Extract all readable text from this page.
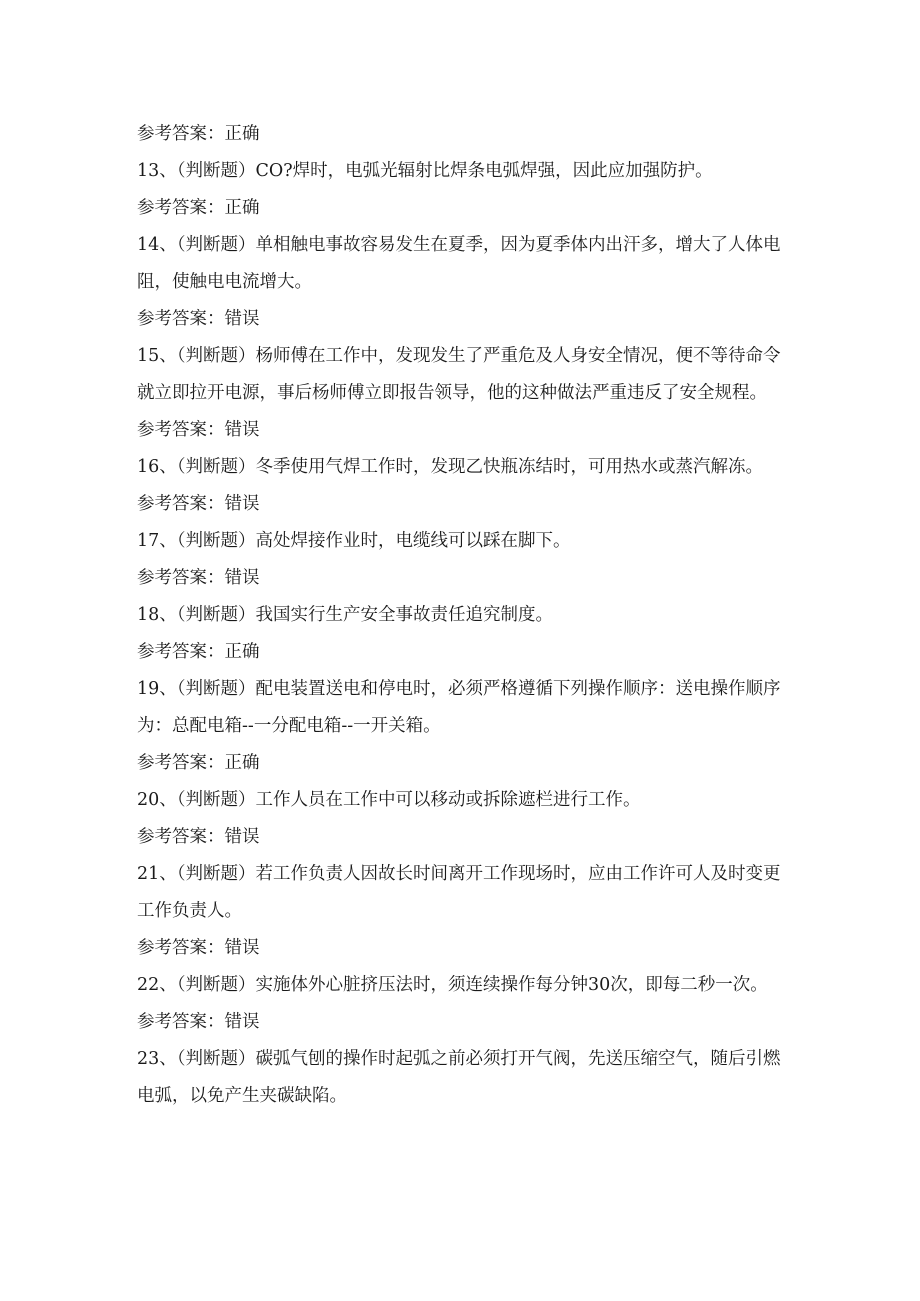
参考答案：正确
13、（判断题）CO?焊时，电弧光辐射比焊条电弧焊强，因此应加强防护。
参考答案：正确
14、（判断题）单相触电事故容易发生在夏季，因为夏季体内出汗多，增大了人体电阻，使触电电流增大。
参考答案：错误
15、（判断题）杨师傅在工作中，发现发生了严重危及人身安全情况，便不等待命令就立即拉开电源，事后杨师傅立即报告领导，他的这种做法严重违反了安全规程。
参考答案：错误
16、（判断题）冬季使用气焊工作时，发现乙快瓶冻结时，可用热水或蒸汽解冻。
参考答案：错误
17、（判断题）高处焊接作业时，电缆线可以踩在脚下。
参考答案：错误
18、（判断题）我国实行生产安全事故责任追究制度。
参考答案：正确
19、（判断题）配电装置送电和停电时，必须严格遵循下列操作顺序：送电操作顺序为：总配电箱--一分配电箱--一开关箱。
参考答案：正确
20、（判断题）工作人员在工作中可以移动或拆除遮栏进行工作。
参考答案：错误
21、（判断题）若工作负责人因故长时间离开工作现场时，应由工作许可人及时变更工作负责人。
参考答案：错误
22、（判断题）实施体外心脏挤压法时，须连续操作每分钟30次，即每二秒一次。
参考答案：错误
23、（判断题）碳弧气刨的操作时起弧之前必须打开气阀，先送压缩空气，随后引燃电弧，以免产生夹碳缺陷。
